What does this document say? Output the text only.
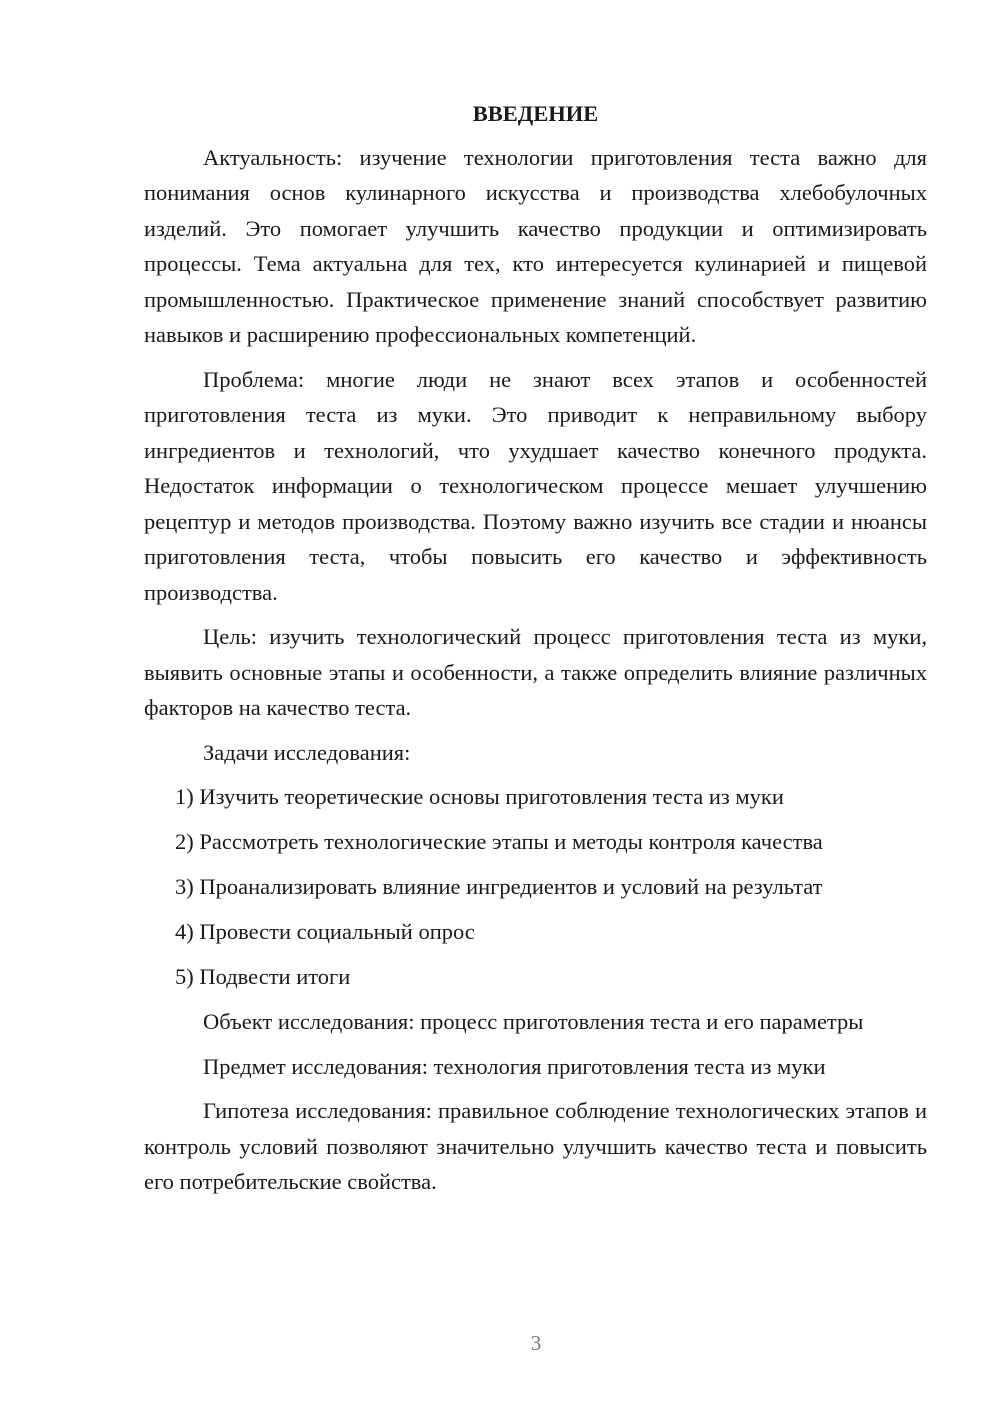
ВВЕДЕНИЕ

Актуальность: изучение технологии приготовления теста важно для понимания основ кулинарного искусства и производства хлебобулочных изделий. Это помогает улучшить качество продукции и оптимизировать процессы. Тема актуальна для тех, кто интересуется кулинарией и пищевой промышленностью. Практическое применение знаний способствует развитию навыков и расширению профессиональных компетенций.

Проблема: многие люди не знают всех этапов и особенностей приготовления теста из муки. Это приводит к неправильному выбору ингредиентов и технологий, что ухудшает качество конечного продукта. Недостаток информации о технологическом процессе мешает улучшению рецептур и методов производства. Поэтому важно изучить все стадии и нюансы приготовления теста, чтобы повысить его качество и эффективность производства.

Цель: изучить технологический процесс приготовления теста из муки, выявить основные этапы и особенности, а также определить влияние различных факторов на качество теста.

Задачи исследования:

1) Изучить теоретические основы приготовления теста из муки
2) Рассмотреть технологические этапы и методы контроля качества
3) Проанализировать влияние ингредиентов и условий на результат
4) Провести социальный опрос
5) Подвести итоги

Объект исследования: процесс приготовления теста и его параметры

Предмет исследования: технология приготовления теста из муки

Гипотеза исследования: правильное соблюдение технологических этапов и контроль условий позволяют значительно улучшить качество теста и повысить его потребительские свойства.

3
